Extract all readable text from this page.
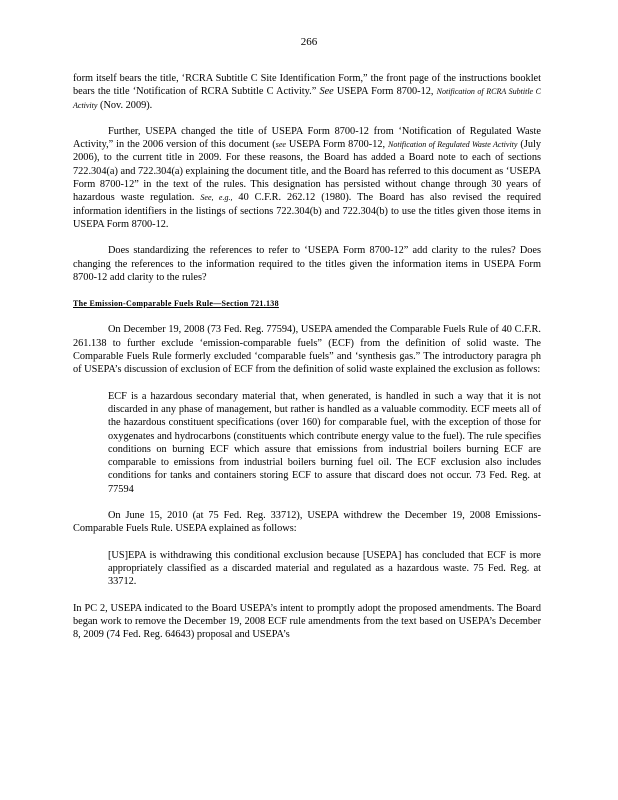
266

form itself bears the title, ‘RCRA Subtitle C Site Identification Form,” the front page of the instructions booklet bears the title ‘Notification of RCRA Subtitle C Activity.” See USEPA Form 8700-12, Notification of RCRA Subtitle C Activity (Nov. 2009).

Further, USEPA changed the title of USEPA Form 8700-12 from ‘Notification of Regulated Waste Activity,” in the 2006 version of this document (see USEPA Form 8700-12, Notification of Regulated Waste Activity (July 2006), to the current title in 2009. For these reasons, the Board has added a Board note to each of sections 722.304(a) and 722.304(a) explaining the document title, and the Board has referred to this document as ‘USEPA Form 8700-12” in the text of the rules. This designation has persisted without change through 30 years of hazardous waste regulation. See, e.g., 40 C.F.R. 262.12 (1980). The Board has also revised the required information identifiers in the listings of sections 722.304(b) and 722.304(b) to use the titles given those items in USEPA Form 8700-12.

Does standardizing the references to refer to ‘USEPA Form 8700-12” add clarity to the rules? Does changing the references to the information required to the titles given the information items in USEPA Form 8700-12 add clarity to the rules?

The Emission-Comparable Fuels Rule—Section 721.138

On December 19, 2008 (73 Fed. Reg. 77594), USEPA amended the Comparable Fuels Rule of 40 C.F.R. 261.138 to further exclude ‘emission-comparable fuels” (ECF) from the definition of solid waste. The Comparable Fuels Rule formerly excluded ‘comparable fuels” and ‘synthesis gas.” The introductory paragra ph of USEPA’s discussion of exclusion of ECF from the definition of solid waste explained the exclusion as follows:

ECF is a hazardous secondary material that, when generated, is handled in such a way that it is not discarded in any phase of management, but rather is handled as a valuable commodity. ECF meets all of the hazardous constituent specifications (over 160) for comparable fuel, with the exception of those for oxygenates and hydrocarbons (constituents which contribute energy value to the fuel). The rule specifies conditions on burning ECF which assure that emissions from industrial boilers burning ECF are comparable to emissions from industrial boilers burning fuel oil. The ECF exclusion also includes conditions for tanks and containers storing ECF to assure that discard does not occur. 73 Fed. Reg. at 77594

On June 15, 2010 (at 75 Fed. Reg. 33712), USEPA withdrew the December 19, 2008 Emissions-Comparable Fuels Rule. USEPA explained as follows:

[US]EPA is withdrawing this conditional exclusion because [USEPA] has concluded that ECF is more appropriately classified as a discarded material and regulated as a hazardous waste. 75 Fed. Reg. at 33712.

In PC 2, USEPA indicated to the Board USEPA’s intent to promptly adopt the proposed amendments. The Board began work to remove the December 19, 2008 ECF rule amendments from the text based on USEPA’s December 8, 2009 (74 Fed. Reg. 64643) proposal and USEPA’s
